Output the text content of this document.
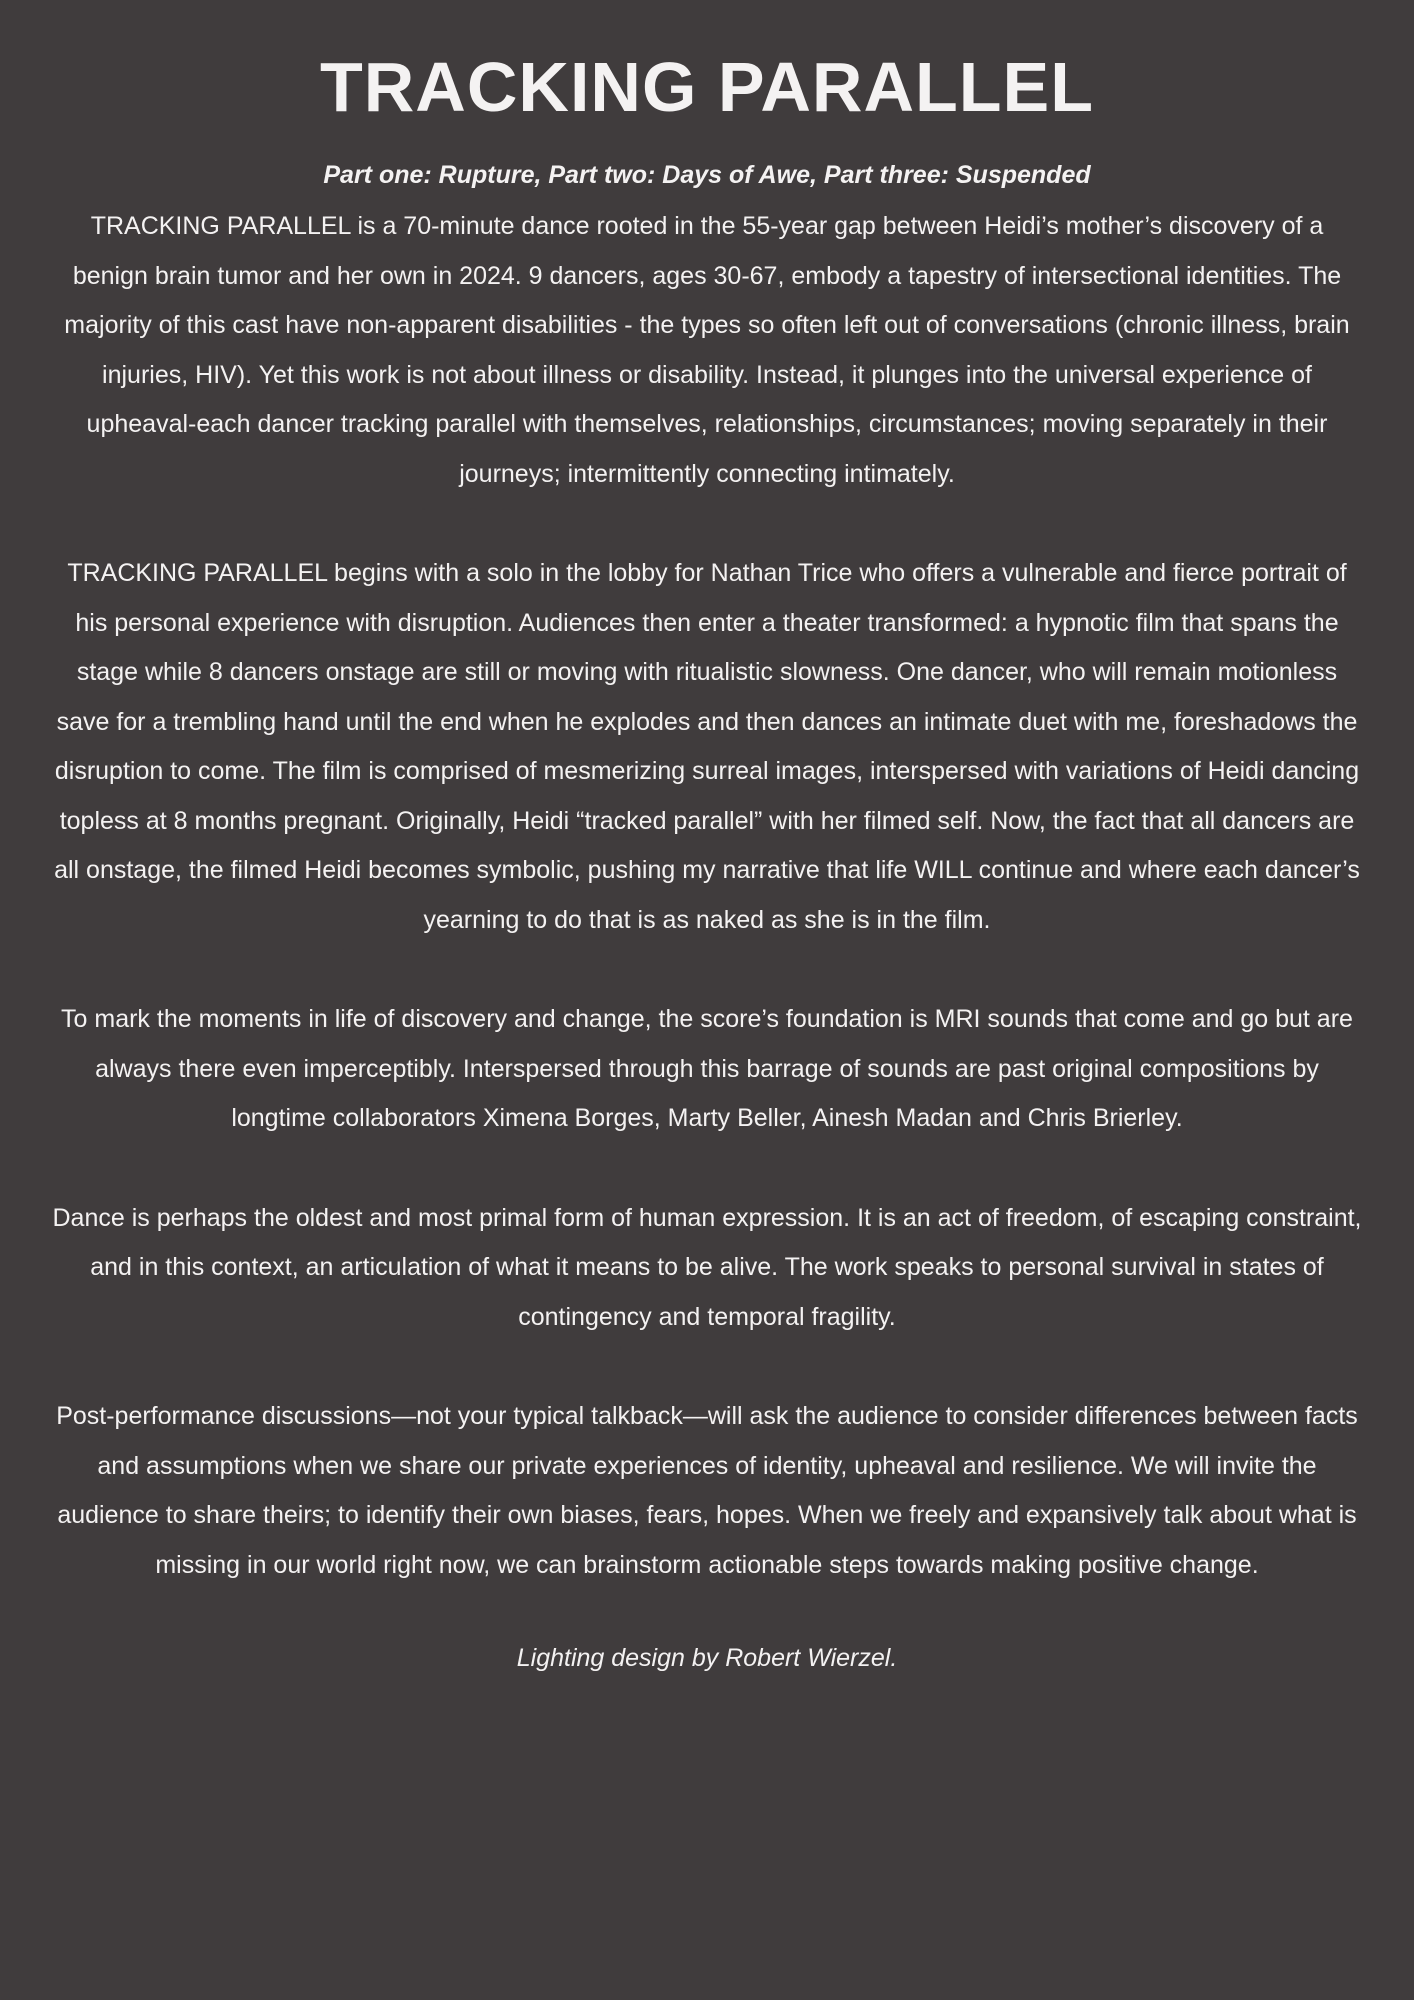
TRACKING PARALLEL

Part one: Rupture, Part two: Days of Awe, Part three: Suspended

TRACKING PARALLEL is a 70-minute dance rooted in the 55-year gap between Heidi’s mother’s discovery of a benign brain tumor and her own in 2024. 9 dancers, ages 30-67, embody a tapestry of intersectional identities. The majority of this cast have non-apparent disabilities - the types so often left out of conversations (chronic illness, brain injuries, HIV). Yet this work is not about illness or disability. Instead, it plunges into the universal experience of upheaval-each dancer tracking parallel with themselves, relationships, circumstances; moving separately in their journeys; intermittently connecting intimately.

TRACKING PARALLEL begins with a solo in the lobby for Nathan Trice who offers a vulnerable and fierce portrait of his personal experience with disruption. Audiences then enter a theater transformed: a hypnotic film that spans the stage while 8 dancers onstage are still or moving with ritualistic slowness. One dancer, who will remain motionless save for a trembling hand until the end when he explodes and then dances an intimate duet with me, foreshadows the disruption to come. The film is comprised of mesmerizing surreal images, interspersed with variations of Heidi dancing topless at 8 months pregnant. Originally, Heidi “tracked parallel” with her filmed self. Now, the fact that all dancers are all onstage, the filmed Heidi becomes symbolic, pushing my narrative that life WILL continue and where each dancer’s yearning to do that is as naked as she is in the film.

To mark the moments in life of discovery and change, the score’s foundation is MRI sounds that come and go but are always there even imperceptibly. Interspersed through this barrage of sounds are past original compositions by longtime collaborators Ximena Borges, Marty Beller, Ainesh Madan and Chris Brierley.

Dance is perhaps the oldest and most primal form of human expression. It is an act of freedom, of escaping constraint, and in this context, an articulation of what it means to be alive. The work speaks to personal survival in states of contingency and temporal fragility.

Post-performance discussions—not your typical talkback—will ask the audience to consider differences between facts and assumptions when we share our private experiences of identity, upheaval and resilience. We will invite the audience to share theirs; to identify their own biases, fears, hopes. When we freely and expansively talk about what is missing in our world right now, we can brainstorm actionable steps towards making positive change.

Lighting design by Robert Wierzel.
